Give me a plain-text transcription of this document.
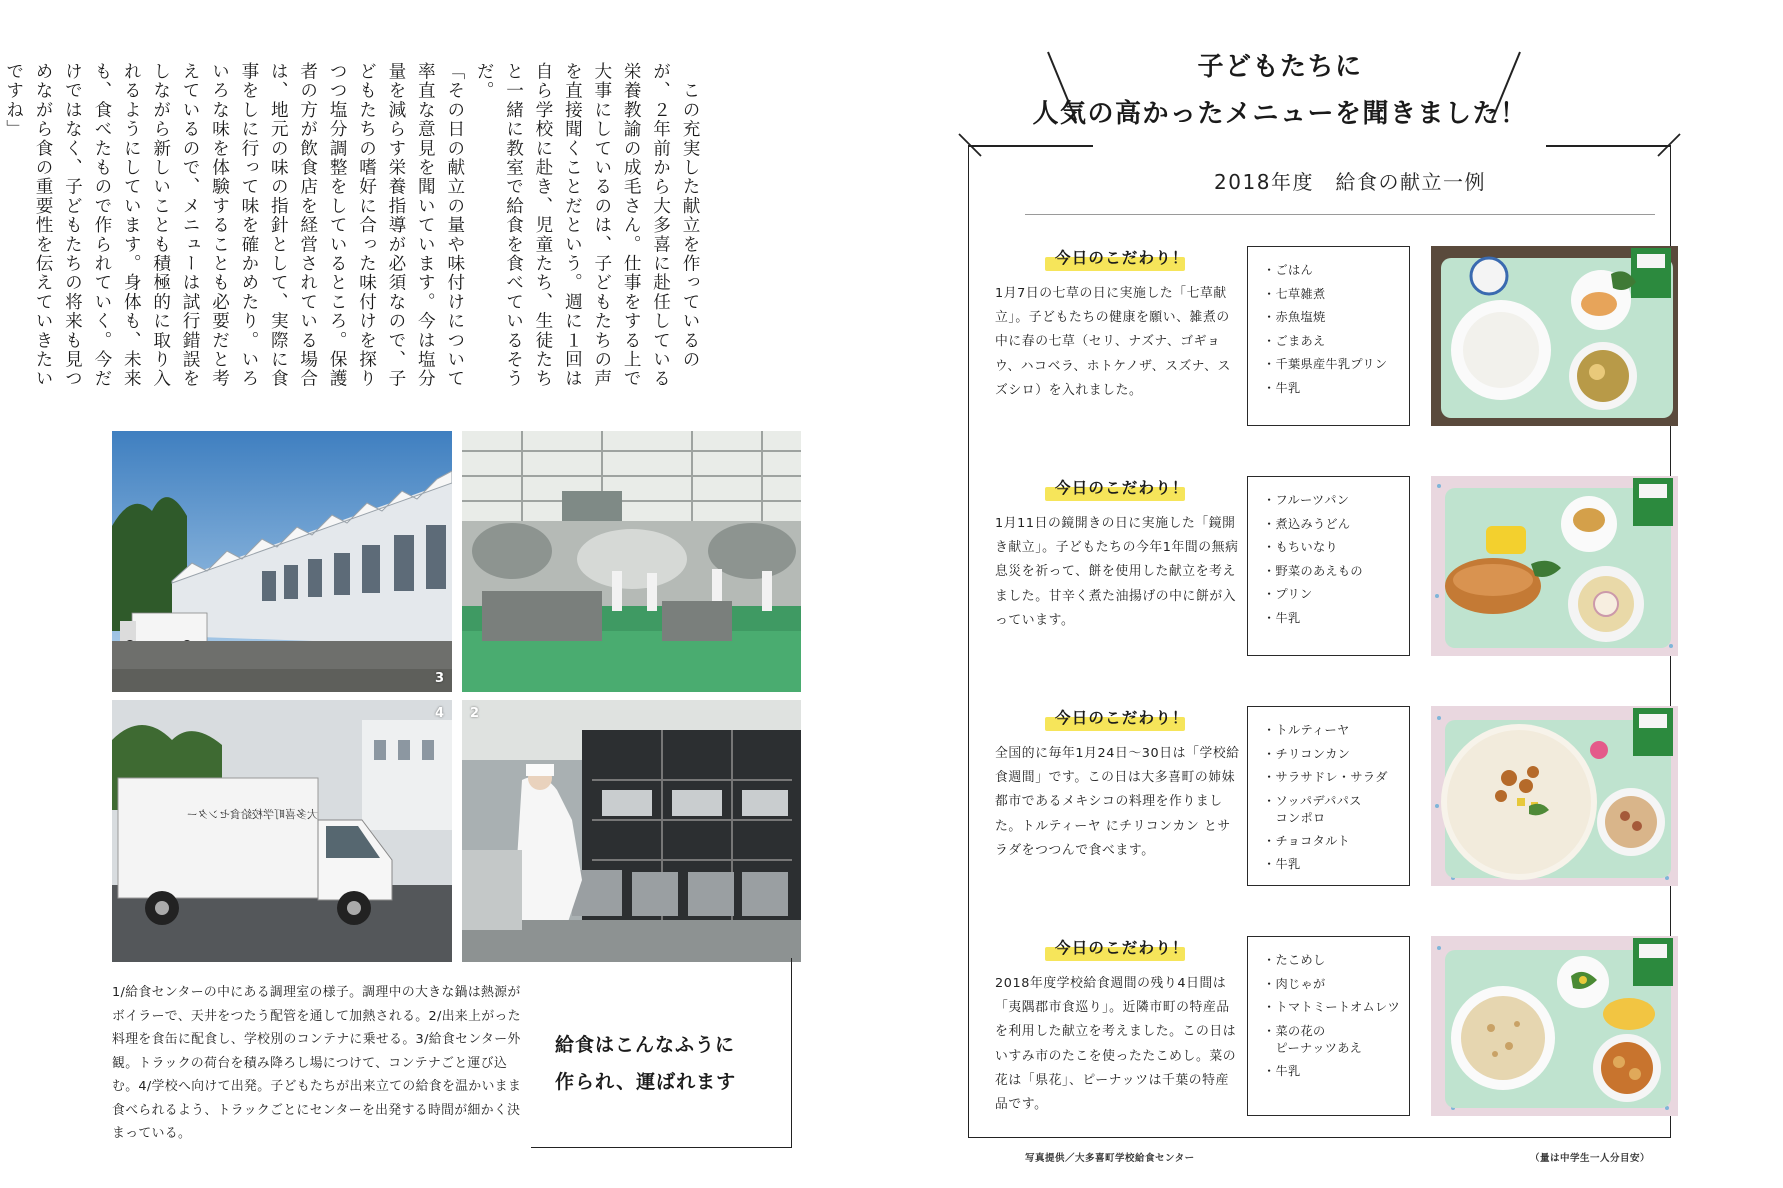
　この充実した献立を作っているのが、２年前から大多喜に赴任している栄養教諭の成毛さん。仕事をする上で大事にしているのは、子どもたちの声を直接聞くことだという。週に１回は自ら学校に赴き、児童たち、生徒たちと一緒に教室で給食を食べているそうだ。

「その日の献立の量や味付けについて率直な意見を聞いています。今は塩分量を減らす栄養指導が必須なので、子どもたちの嗜好に合った味付けを探りつつ塩分調整をしているところ。保護者の方が飲食店を経営されている場合は、地元の味の指針として、実際に食事をしに行って味を確かめたり。いろいろな味を体験することも必要だと考えているので、メニューは試行錯誤をしながら新しいことも積極的に取り入れるようにしています。身体も、未来も、食べたもので作られていく。今だけではなく、子どもたちの将来も見つめながら食の重要性を伝えていきたいですね」

3
大多喜町学校給食センター
4 2

1/給食センターの中にある調理室の様子。調理中の大きな鍋は熱源がボイラーで、天井をつたう配管を通して加熱される。2/出来上がった料理を食缶に配食し、学校別のコンテナに乗せる。3/給食センター外観。トラックの荷台を積み降ろし場につけて、コンテナごと運び込む。4/学校へ向けて出発。子どもたちが出来立ての給食を温かいまま食べられるよう、トラックごとにセンターを出発する時間が細かく決まっている。

給食はこんなふうに
作られ、運ばれます
子どもたちに
人気の高かったメニューを聞きました！
2018年度　給食の献立一例
今日のこだわり！

1月7日の七草の日に実施した「七草献立」。子どもたちの健康を願い、雑煮の中に春の七草（セリ、ナズナ、ゴギョウ、ハコベラ、ホトケノザ、スズナ、スズシロ）を入れました。

・ごはん
・七草雑煮
・赤魚塩焼
・ごまあえ
・千葉県産牛乳プリン
・牛乳
今日のこだわり！

1月11日の鏡開きの日に実施した「鏡開き献立」。子どもたちの今年1年間の無病息災を祈って、餅を使用した献立を考えました。甘辛く煮た油揚げの中に餅が入っています。

・フルーツパン
・煮込みうどん
・もちいなり
・野菜のあえもの
・プリン
・牛乳
今日のこだわり！

全国的に毎年1月24日〜30日は「学校給食週間」です。この日は大多喜町の姉妹都市であるメキシコの料理を作りました。トルティーヤ にチリコンカン とサラダをつつんで食べます。

・トルティーヤ
・チリコンカン
・サラサドレ・サラダ
・ソッパデパパス
　コンポロ
・チョコタルト
・牛乳
今日のこだわり！

2018年度学校給食週間の残り4日間は「夷隅郡市食巡り」。近隣市町の特産品を利用した献立を考えました。この日はいすみ市のたこを使ったたこめし。菜の花は「県花」、ピーナッツは千葉の特産品です。

・たこめし
・肉じゃが
・トマトミートオムレツ
・菜の花の
　ピーナッツあえ
・牛乳
写真提供／大多喜町学校給食センター	（量は中学生一人分目安）
